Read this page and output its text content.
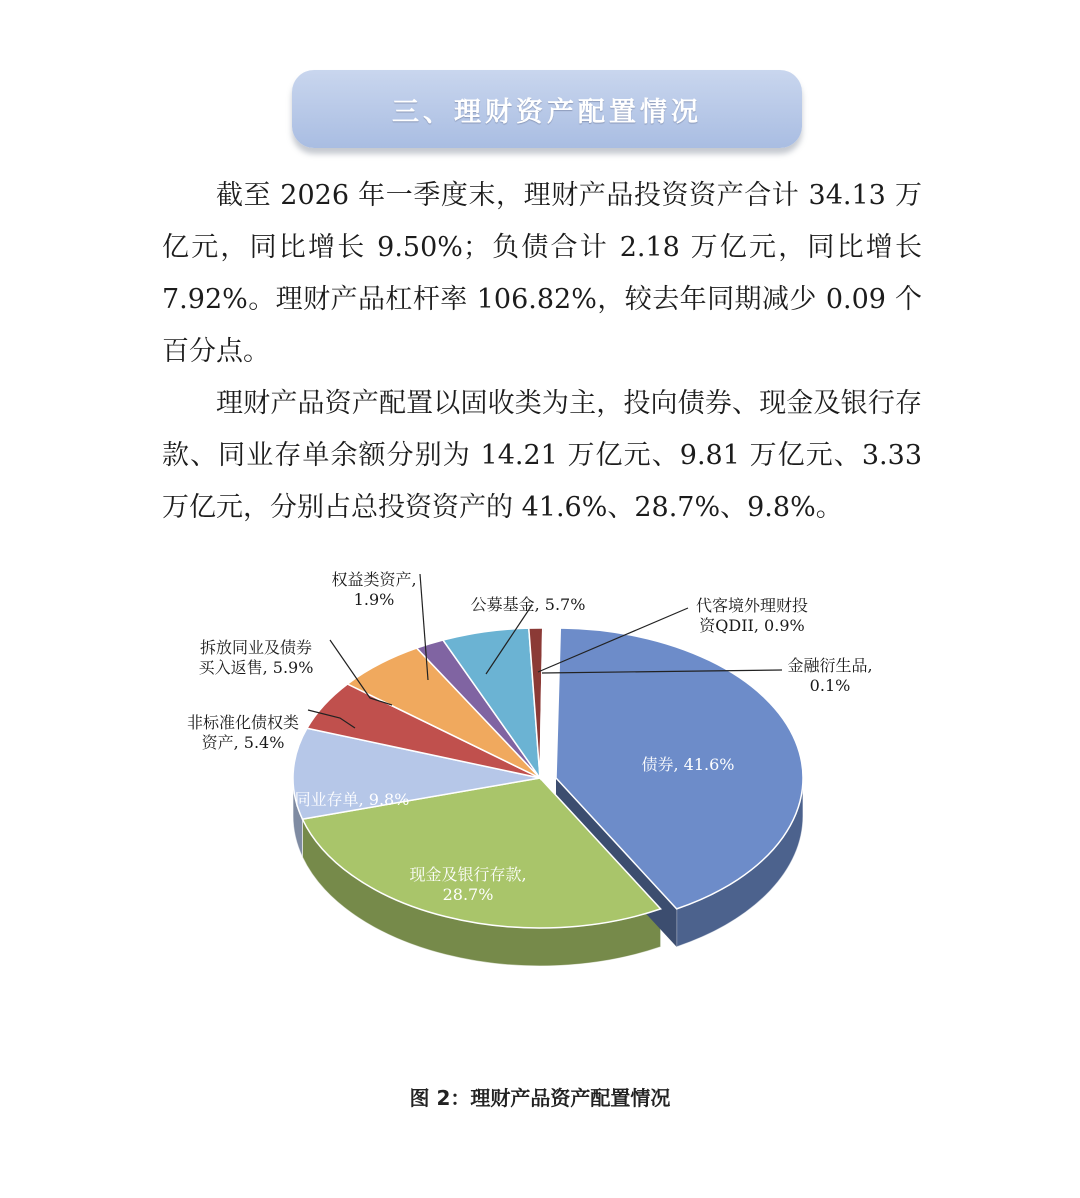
三、理财资产配置情况

截至 2026 年一季度末，理财产品投资资产合计 34.13 万亿元，同比增长 9.50%；负债合计 2.18 万亿元，同比增长 7.92%。理财产品杠杆率 106.82%，较去年同期减少 0.09 个百分点。

理财产品资产配置以固收类为主，投向债券、现金及银行存款、同业存单余额分别为 14.21 万亿元、9.81 万亿元、3.33 万亿元，分别占总投资资产的 41.6%、28.7%、9.8%。

债券, 41.6%
现金及银行存款,
28.7%
同业存单, 9.8%
非标准化债权类
资产, 5.4%
拆放同业及债券
买入返售, 5.9%
权益类资产,
1.9%	公募基金, 5.7%	代客境外理财投
资QDII, 0.9%
金融衍生品,
0.1%
图 2：理财产品资产配置情况
